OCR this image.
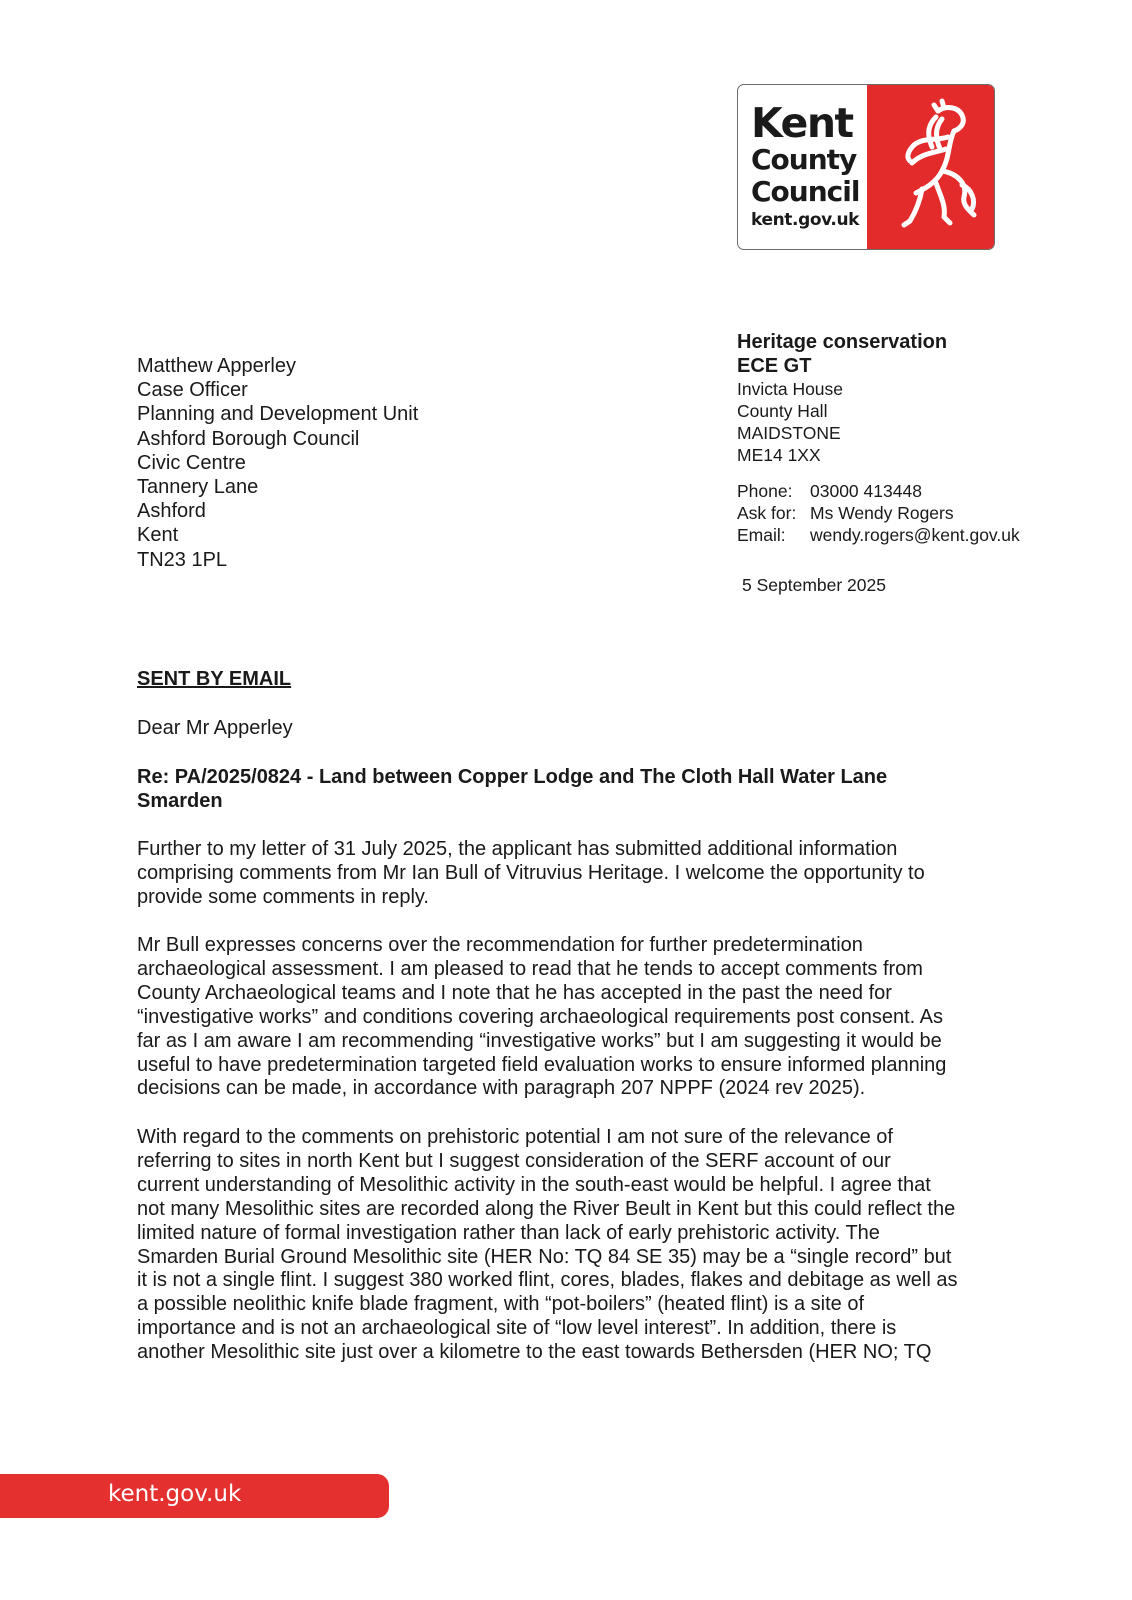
Kent
County
Council
kent.gov.uk
Matthew Apperley
Case Officer
Planning and Development Unit
Ashford Borough Council
Civic Centre
Tannery Lane
Ashford
Kent
TN23 1PL
Heritage conservation
ECE GT
Invicta House
County Hall
MAIDSTONE
ME14 1XX
Phone:	03000 413448
Ask for: Ms Wendy Rogers
Email:	wendy.rogers@kent.gov.uk
5 September 2025
SENT BY EMAIL
Dear Mr Apperley
Re: PA/2025/0824 - Land between Copper Lodge and The Cloth Hall Water Lane
Smarden
Further to my letter of 31 July 2025, the applicant has submitted additional information
comprising comments from Mr Ian Bull of Vitruvius Heritage. I welcome the opportunity to
provide some comments in reply.
Mr Bull expresses concerns over the recommendation for further predetermination
archaeological assessment. I am pleased to read that he tends to accept comments from
County Archaeological teams and I note that he has accepted in the past the need for
“investigative works” and conditions covering archaeological requirements post consent. As
far as I am aware I am recommending “investigative works” but I am suggesting it would be
useful to have predetermination targeted field evaluation works to ensure informed planning
decisions can be made, in accordance with paragraph 207 NPPF (2024 rev 2025).
With regard to the comments on prehistoric potential I am not sure of the relevance of
referring to sites in north Kent but I suggest consideration of the SERF account of our
current understanding of Mesolithic activity in the south-east would be helpful. I agree that
not many Mesolithic sites are recorded along the River Beult in Kent but this could reflect the
limited nature of formal investigation rather than lack of early prehistoric activity. The
Smarden Burial Ground Mesolithic site (HER No: TQ 84 SE 35) may be a “single record” but
it is not a single flint. I suggest 380 worked flint, cores, blades, flakes and debitage as well as
a possible neolithic knife blade fragment, with “pot-boilers” (heated flint) is a site of
importance and is not an archaeological site of “low level interest”. In addition, there is
another Mesolithic site just over a kilometre to the east towards Bethersden (HER NO; TQ
kent.gov.uk
